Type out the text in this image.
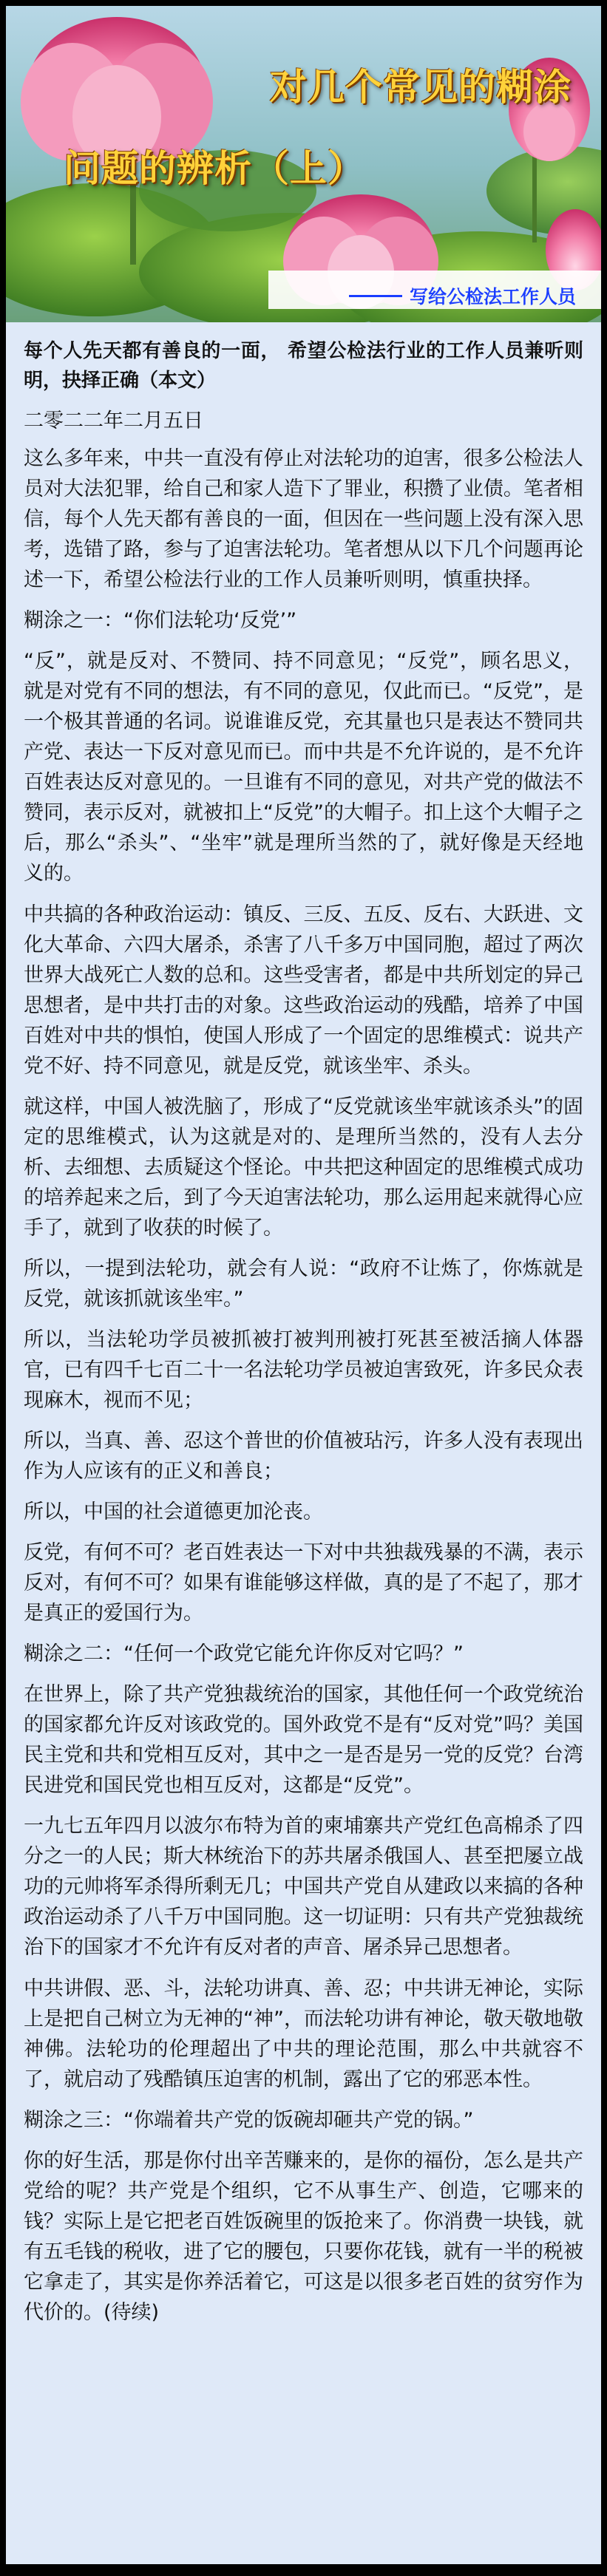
对几个常见的糊涂
问题的辨析（上）
写给公检法工作人员

每个人先天都有善良的一面， 希望公检法行业的工作人员兼听则明，抉择正确（本文）

二零二二年二月五日

这么多年来，中共一直没有停止对法轮功的迫害，很多公检法人员对大法犯罪，给自己和家人造下了罪业，积攒了业债。笔者相信，每个人先天都有善良的一面，但因在一些问题上没有深入思考，选错了路，参与了迫害法轮功。笔者想从以下几个问题再论述一下，希望公检法行业的工作人员兼听则明，慎重抉择。

糊涂之一：“你们法轮功‘反党’”

“反”，就是反对、不赞同、持不同意见；“反党”，顾名思义，就是对党有不同的想法，有不同的意见，仅此而已。“反党”，是一个极其普通的名词。说谁谁反党，充其量也只是表达不赞同共产党、表达一下反对意见而已。而中共是不允许说的，是不允许百姓表达反对意见的。一旦谁有不同的意见，对共产党的做法不赞同，表示反对，就被扣上“反党”的大帽子。扣上这个大帽子之后，那么“杀头”、“坐牢”就是理所当然的了，就好像是天经地义的。

中共搞的各种政治运动：镇反、三反、五反、反右、大跃进、文化大革命、六四大屠杀，杀害了八千多万中国同胞，超过了两次世界大战死亡人数的总和。这些受害者，都是中共所划定的异己思想者，是中共打击的对象。这些政治运动的残酷，培养了中国百姓对中共的惧怕，使国人形成了一个固定的思维模式：说共产党不好、持不同意见，就是反党，就该坐牢、杀头。

就这样，中国人被洗脑了，形成了“反党就该坐牢就该杀头”的固定的思维模式，认为这就是对的、是理所当然的，没有人去分析、去细想、去质疑这个怪论。中共把这种固定的思维模式成功的培养起来之后，到了今天迫害法轮功，那么运用起来就得心应手了，就到了收获的时候了。

所以，一提到法轮功，就会有人说：“政府不让炼了，你炼就是反党，就该抓就该坐牢。”

所以，当法轮功学员被抓被打被判刑被打死甚至被活摘人体器官，已有四千七百二十一名法轮功学员被迫害致死，许多民众表现麻木，视而不见；

所以，当真、善、忍这个普世的价值被玷污，许多人没有表现出作为人应该有的正义和善良；

所以，中国的社会道德更加沦丧。

反党，有何不可？老百姓表达一下对中共独裁残暴的不满，表示反对，有何不可？如果有谁能够这样做，真的是了不起了，那才是真正的爱国行为。

糊涂之二：“任何一个政党它能允许你反对它吗？”

在世界上，除了共产党独裁统治的国家，其他任何一个政党统治的国家都允许反对该政党的。国外政党不是有“反对党”吗？美国民主党和共和党相互反对，其中之一是否是另一党的反党？台湾民进党和国民党也相互反对，这都是“反党”。

一九七五年四月以波尔布特为首的柬埔寨共产党红色高棉杀了四分之一的人民；斯大林统治下的苏共屠杀俄国人、甚至把屡立战功的元帅将军杀得所剩无几；中国共产党自从建政以来搞的各种政治运动杀了八千万中国同胞。这一切证明：只有共产党独裁统治下的国家才不允许有反对者的声音、屠杀异己思想者。

中共讲假、恶、斗，法轮功讲真、善、忍；中共讲无神论，实际上是把自己树立为无神的“神”，而法轮功讲有神论，敬天敬地敬神佛。法轮功的伦理超出了中共的理论范围，那么中共就容不了，就启动了残酷镇压迫害的机制，露出了它的邪恶本性。

糊涂之三：“你端着共产党的饭碗却砸共产党的锅。”

你的好生活，那是你付出辛苦赚来的，是你的福份，怎么是共产党给的呢？共产党是个组织，它不从事生产、创造，它哪来的钱？实际上是它把老百姓饭碗里的饭抢来了。你消费一块钱，就有五毛钱的税收，进了它的腰包，只要你花钱，就有一半的税被它拿走了，其实是你养活着它，可这是以很多老百姓的贫穷作为代价的。(待续)
